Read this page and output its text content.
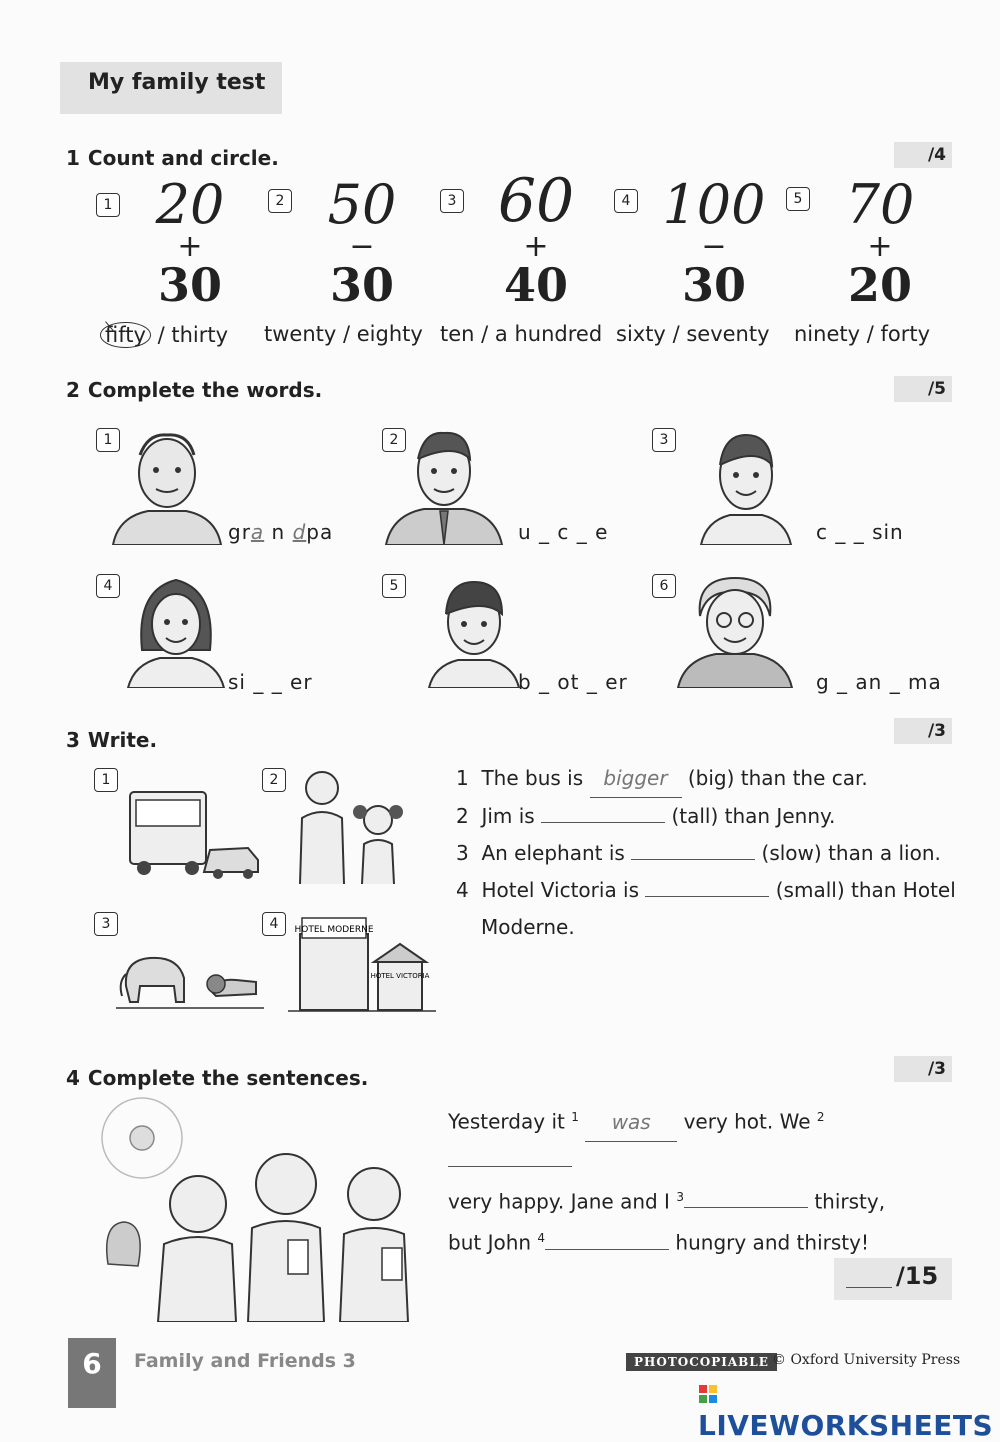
My family test
1 Count and circle.	/4
1 20
+
30
2 50
−
30
3 60
+
40
4 100
−
30
5 70
+
20
fifty / thirty twenty / eighty ten / a hundred sixty / seventy ninety / forty
2 Complete the words.	/5
1
gra n dpa
2
u _ c _ e
3
c _ _ sin
4
si _ _ er
5
b _ ot _ er
6
g _ an _ ma
3 Write.	/3
1	2
3	4	HOTEL MODERNE
HOTEL VICTORIA
1 The bus is bigger (big) than the car.
2 Jim is	(tall) than Jenny.
3 An elephant is	(slow) than a lion.
4 Hotel Victoria is	(small) than Hotel
Moderne.
4 Complete the sentences.	/3
Yesterday it $^1$ was very hot. We $^2$
very happy. Jane and I $^3$	thirsty,
but John $^4$	hungry and thirsty!
/15
6	Family and Friends 3	PHOTOCOPIABLE © Oxford University Press
LIVEWORKSHEETS
